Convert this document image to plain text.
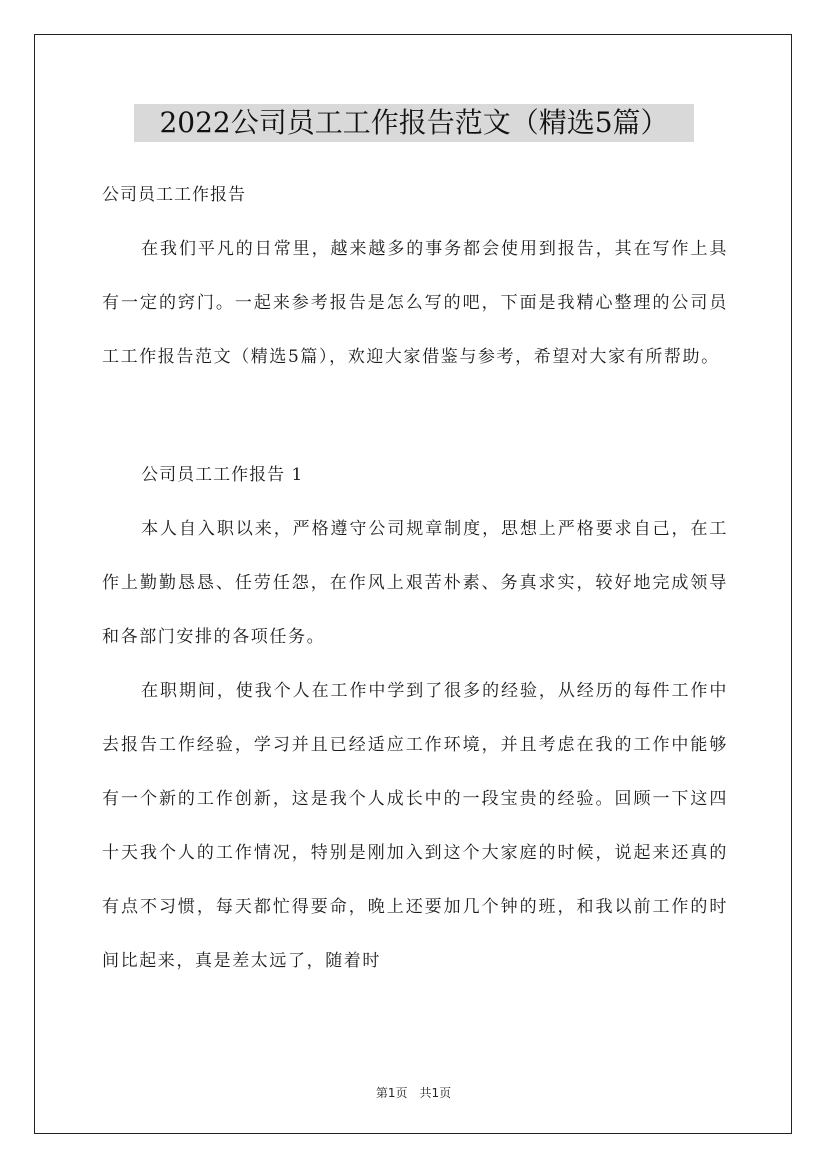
2022公司员工工作报告范文（精选5篇）

公司员工工作报告

在我们平凡的日常里，越来越多的事务都会使用到报告，其在写作上具有一定的窍门。一起来参考报告是怎么写的吧，下面是我精心整理的公司员工工作报告范文（精选5篇），欢迎大家借鉴与参考，希望对大家有所帮助。

公司员工工作报告 1

本人自入职以来，严格遵守公司规章制度，思想上严格要求自己，在工作上勤勤恳恳、任劳任怨，在作风上艰苦朴素、务真求实，较好地完成领导和各部门安排的各项任务。

在职期间，使我个人在工作中学到了很多的经验，从经历的每件工作中去报告工作经验，学习并且已经适应工作环境，并且考虑在我的工作中能够有一个新的工作创新，这是我个人成长中的一段宝贵的经验。回顾一下这四十天我个人的工作情况，特别是刚加入到这个大家庭的时候，说起来还真的有点不习惯，每天都忙得要命，晚上还要加几个钟的班，和我以前工作的时间比起来，真是差太远了，随着时

第1页　共1页
